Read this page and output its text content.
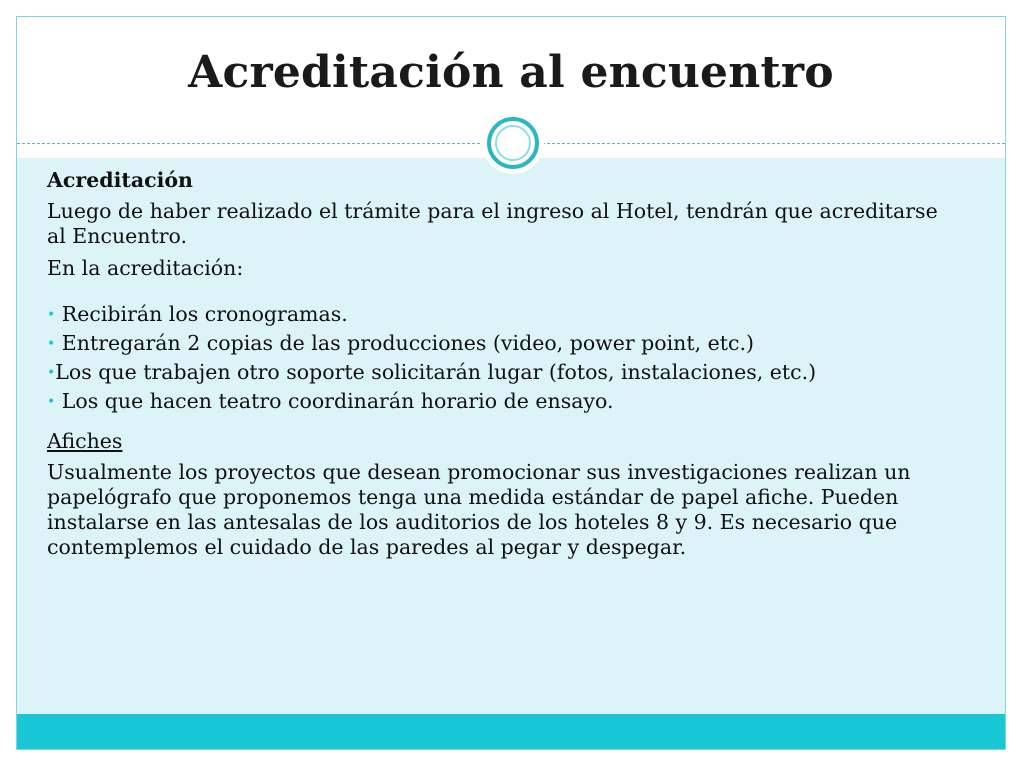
Acreditación al encuentro

Acreditación

Luego de haber realizado el trámite para el ingreso al Hotel, tendrán que acreditarse al Encuentro.

En la acreditación:

• Recibirán los cronogramas.

• Entregarán 2 copias de las producciones (video, power point, etc.)

•Los que trabajen otro soporte solicitarán lugar (fotos, instalaciones, etc.)

• Los que hacen teatro coordinarán horario de ensayo.

Afiches

Usualmente los proyectos que desean promocionar sus investigaciones realizan un papelógrafo que proponemos tenga una medida estándar de papel afiche. Pueden instalarse en las antesalas de los auditorios de los hoteles 8 y 9. Es necesario que contemplemos el cuidado de las paredes al pegar y despegar.
